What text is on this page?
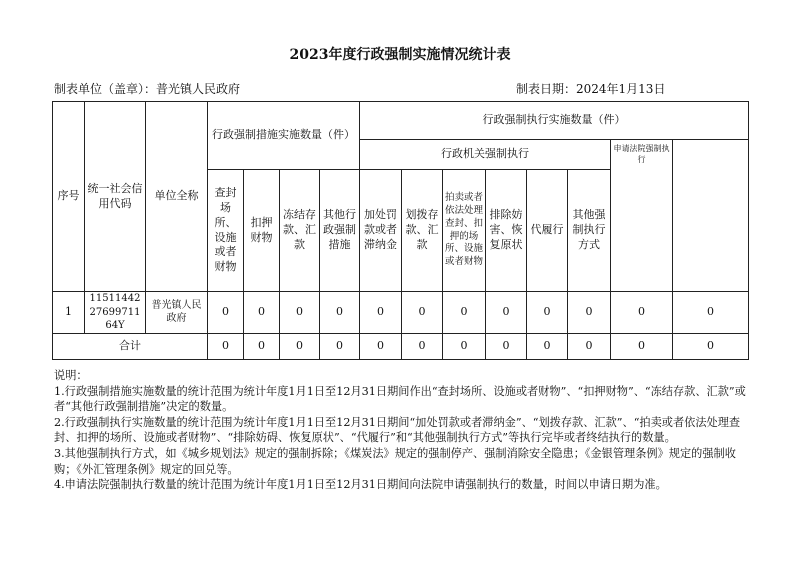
2023年度行政强制实施情况统计表
制表单位（盖章）：普光镇人民政府	制表日期：2024年1月13日
序号	统一社会信用代码	单位全称	行政强制措施实施数量（件）				行政强制执行实施数量（件）	
							行政机关强制执行						申请法院强制执行		
			查封场所、设施或者财物	扣押财物	冻结存款、汇款	其他行政强制措施	加处罚款或者滞纳金	划拨存款、汇款	拍卖或者依法处理查封、扣押的场所、设施或者财物	排除妨害、恢复原状	代履行	其他强制执行方式			
1	115114422769971164Y	普光镇人民政府	0	0	0	0	0	0	0	0	0	0	0	0	
合计			0	0	0	0	0	0	0	0	0	0	0	0	

说明：

1.行政强制措施实施数量的统计范围为统计年度1月1日至12月31日期间作出“查封场所、设施或者财物”、“扣押财物”、“冻结存款、汇款”或者“其他行政强制措施”决定的数量。

2.行政强制执行实施数量的统计范围为统计年度1月1日至12月31日期间“加处罚款或者滞纳金”、“划拨存款、汇款”、“拍卖或者依法处理查封、扣押的场所、设施或者财物”、“排除妨碍、恢复原状”、“代履行”和“其他强制执行方式”等执行完毕或者终结执行的数量。

3.其他强制执行方式，如《城乡规划法》规定的强制拆除；《煤炭法》规定的强制停产、强制消除安全隐患；《金银管理条例》规定的强制收购；《外汇管理条例》规定的回兑等。

4.申请法院强制执行数量的统计范围为统计年度1月1日至12月31日期间向法院申请强制执行的数量，时间以申请日期为准。
